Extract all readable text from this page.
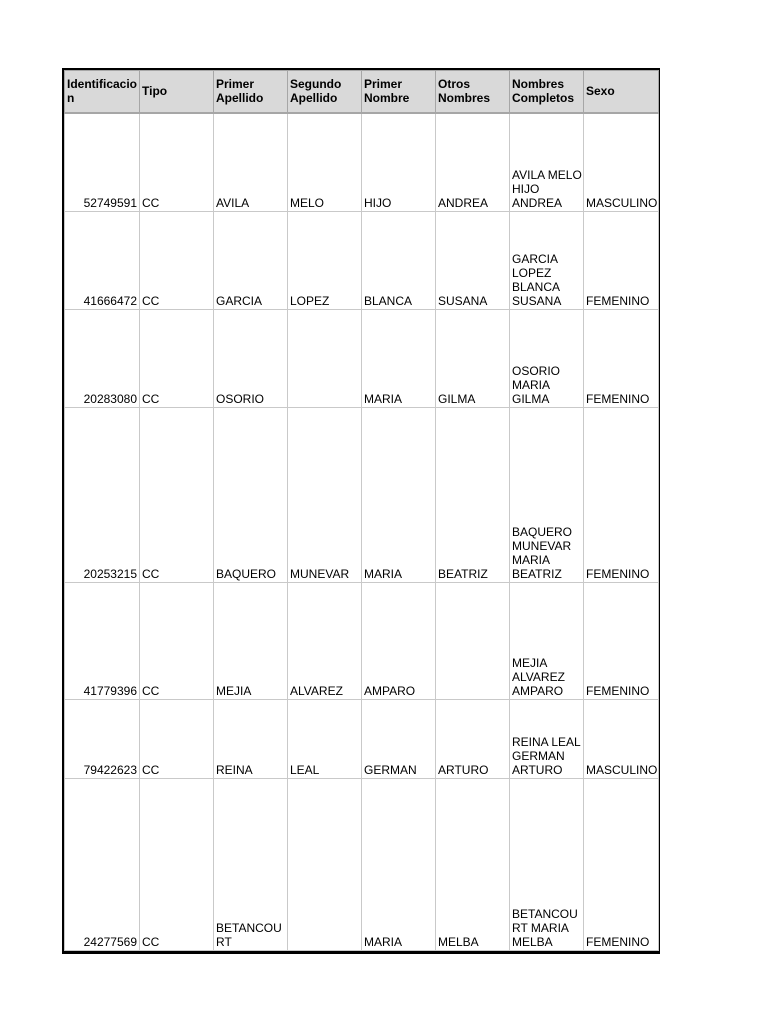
Identificacion	Tipo	Primer Apellido	Segundo Apellido	Primer Nombre	Otros Nombres	Nombres Completos	Sexo
52749591	CC	AVILA	MELO	HIJO	ANDREA	AVILA MELO HIJO ANDREA	MASCULINO
41666472	CC	GARCIA	LOPEZ	BLANCA	SUSANA	GARCIA LOPEZ BLANCA SUSANA	FEMENINO
20283080	CC	OSORIO		MARIA	GILMA	OSORIO MARIA GILMA	FEMENINO
20253215	CC	BAQUERO	MUNEVAR	MARIA	BEATRIZ	BAQUERO MUNEVAR MARIA BEATRIZ	FEMENINO
41779396	CC	MEJIA	ALVAREZ	AMPARO		MEJIA ALVAREZ AMPARO	FEMENINO
79422623	CC	REINA	LEAL	GERMAN	ARTURO	REINA LEAL GERMAN ARTURO	MASCULINO
24277569	CC	BETANCOURT		MARIA	MELBA	BETANCOURT MARIA MELBA	FEMENINO
